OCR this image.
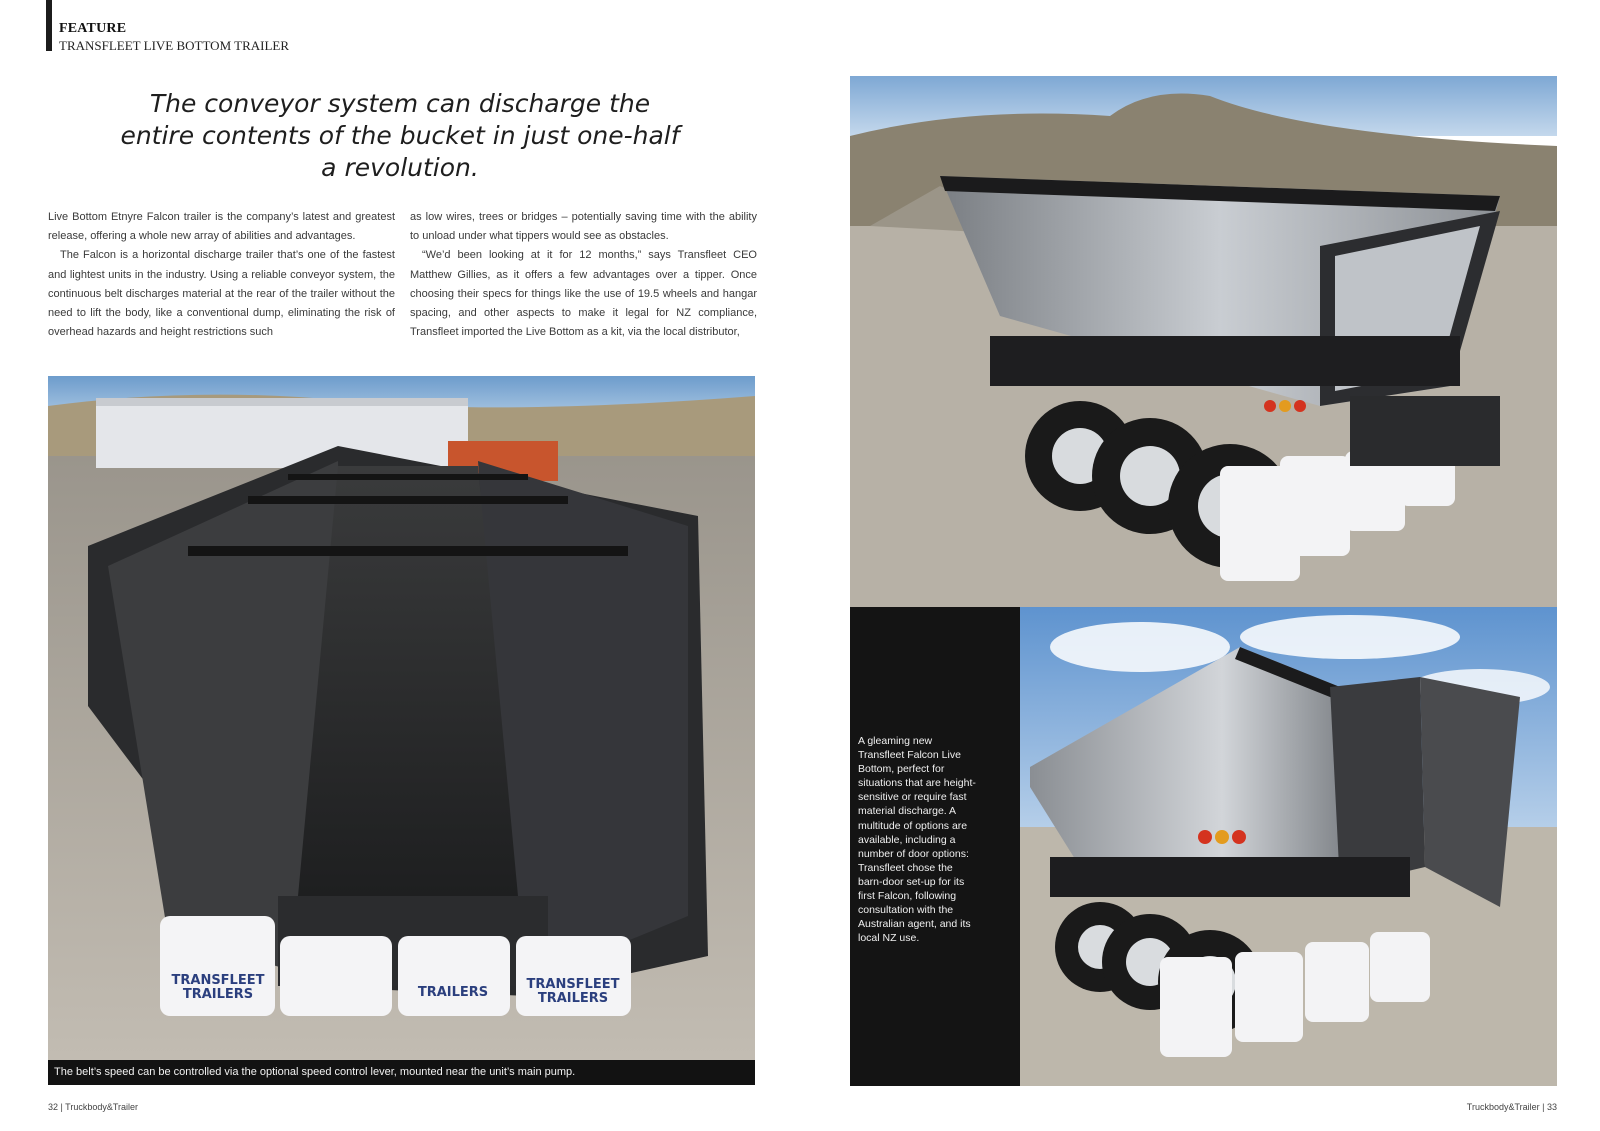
FEATURE
TRANSFLEET LIVE BOTTOM TRAILER
The conveyor system can discharge the entire contents of the bucket in just one-half a revolution.

Live Bottom Etnyre Falcon trailer is the company’s latest and greatest release, offering a whole new array of abilities and advantages.

The Falcon is a horizontal discharge trailer that’s one of the fastest and lightest units in the industry. Using a reliable conveyor system, the continuous belt discharges material at the rear of the trailer without the need to lift the body, like a conventional dump, eliminating the risk of overhead hazards and height restrictions such

as low wires, trees or bridges – potentially saving time with the ability to unload under what tippers would see as obstacles.

“We’d been looking at it for 12 months,” says Transfleet CEO Matthew Gillies, as it offers a few advantages over a tipper. Once choosing their specs for things like the use of 19.5 wheels and hangar spacing, and other aspects to make it legal for NZ compliance, Transfleet imported the Live Bottom as a kit, via the local distributor,

TRANSFLEET
TRAILERS	TRAILERS
TRANSFLEET
TRAILERS
The belt’s speed can be controlled via the optional speed control lever, mounted near the unit’s main pump.
A gleaming new Transfleet Falcon Live Bottom, perfect for situations that are height-sensitive or require fast material discharge. A multitude of options are available, including a number of door options: Transfleet chose the barn-door set-up for its first Falcon, following consultation with the Australian agent, and its local NZ use.
32 | Truckbody&Trailer	Truckbody&Trailer | 33
